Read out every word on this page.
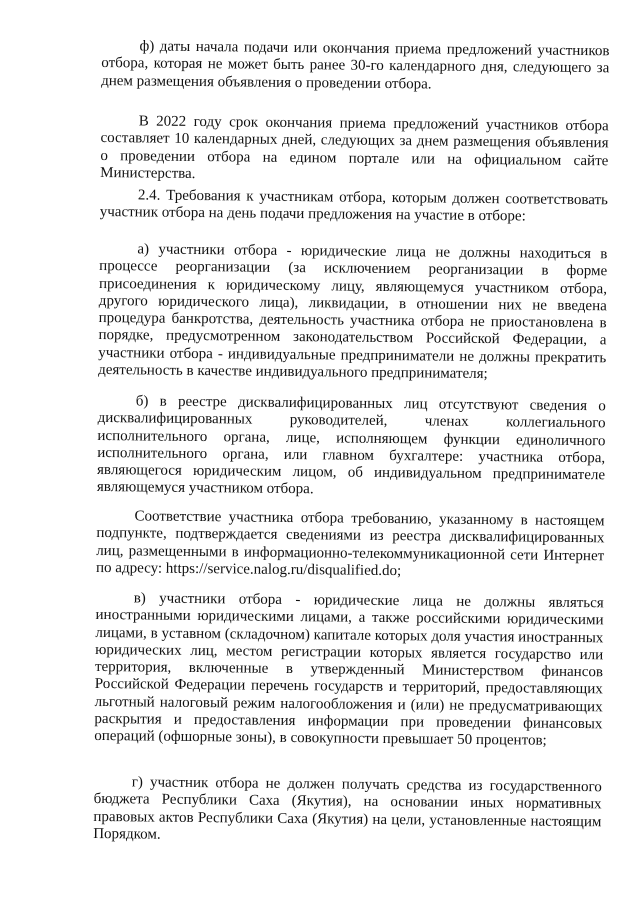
ф) даты начала подачи или окончания приема предложений участников отбора, которая не может быть ранее 30-го календарного дня, следующего за днем размещения объявления о проведении отбора.

В 2022 году срок окончания приема предложений участников отбора составляет 10 календарных дней, следующих за днем размещения объявления о проведении отбора на едином портале или на официальном сайте Министерства.

2.4. Требования к участникам отбора, которым должен соответствовать участник отбора на день подачи предложения на участие в отборе:

а) участники отбора - юридические лица не должны находиться в процессе реорганизации (за исключением реорганизации в форме присоединения к юридическому лицу, являющемуся участником отбора, другого юридического лица), ликвидации, в отношении них не введена процедура банкротства, деятельность участника отбора не приостановлена в порядке, предусмотренном законодательством Российской Федерации, а участники отбора - индивидуальные предприниматели не должны прекратить деятельность в качестве индивидуального предпринимателя;

б) в реестре дисквалифицированных лиц отсутствуют сведения о дисквалифицированных руководителей, членах коллегиального исполнительного органа, лице, исполняющем функции единоличного исполнительного органа, или главном бухгалтере: участника отбора, являющегося юридическим лицом, об индивидуальном предпринимателе являющемуся участником отбора.

Соответствие участника отбора требованию, указанному в настоящем подпункте, подтверждается сведениями из реестра дисквалифицированных лиц, размещенными в информационно-телекоммуникационной сети Интернет по адресу: https://service.nalog.ru/disqualified.do;

в) участники отбора - юридические лица не должны являться иностранными юридическими лицами, а также российскими юридическими лицами, в уставном (складочном) капитале которых доля участия иностранных юридических лиц, местом регистрации которых является государство или территория, включенные в утвержденный Министерством финансов Российской Федерации перечень государств и территорий, предоставляющих льготный налоговый режим налогообложения и (или) не предусматривающих раскрытия и предоставления информации при проведении финансовых операций (офшорные зоны), в совокупности превышает 50 процентов;

г) участник отбора не должен получать средства из государственного бюджета Республики Саха (Якутия), на основании иных нормативных правовых актов Республики Саха (Якутия) на цели, установленные настоящим Порядком.
